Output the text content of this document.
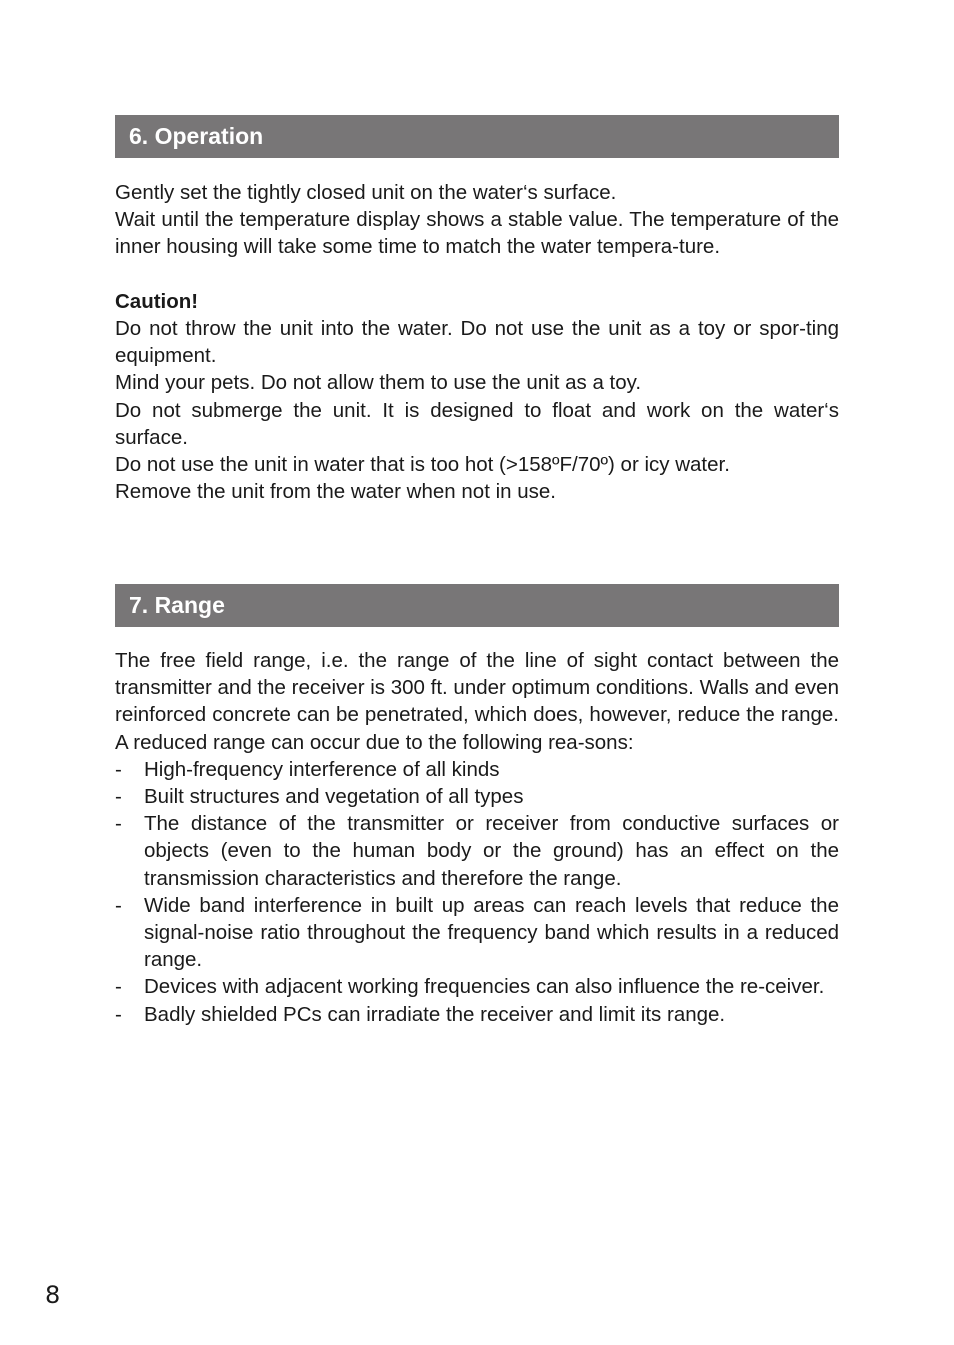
6. Operation

Gently set the tightly closed unit on the water‘s surface.

Wait until the temperature display shows a stable value. The temperature of the inner housing will take some time to match the water tempera-ture.

Caution!

Do not throw the unit into the water. Do not use the unit as a toy or spor-ting equipment.

Mind your pets. Do not allow them to use the unit as a toy.

Do not submerge the unit. It is designed to float and work on the water‘s surface.

Do not use the unit in water that is too hot (>158ºF/70º) or icy water.

Remove the unit from the water when not in use.

7. Range

The free field range, i.e. the range of the line of sight contact between the transmitter and the receiver is 300 ft. under optimum conditions. Walls and even reinforced concrete can be penetrated, which does, however, reduce the range. A reduced range can occur due to the following rea-sons:

- High-frequency interference of all kinds
- Built structures and vegetation of all types
- The distance of the transmitter or receiver from conductive surfaces or objects (even to the human body or the ground) has an effect on the transmission characteristics and therefore the range.
- Wide band interference in built up areas can reach levels that reduce the signal-noise ratio throughout the frequency band which results in a reduced range.
- Devices with adjacent working frequencies can also influence the re-ceiver.
- Badly shielded PCs can irradiate the receiver and limit its range.
8
